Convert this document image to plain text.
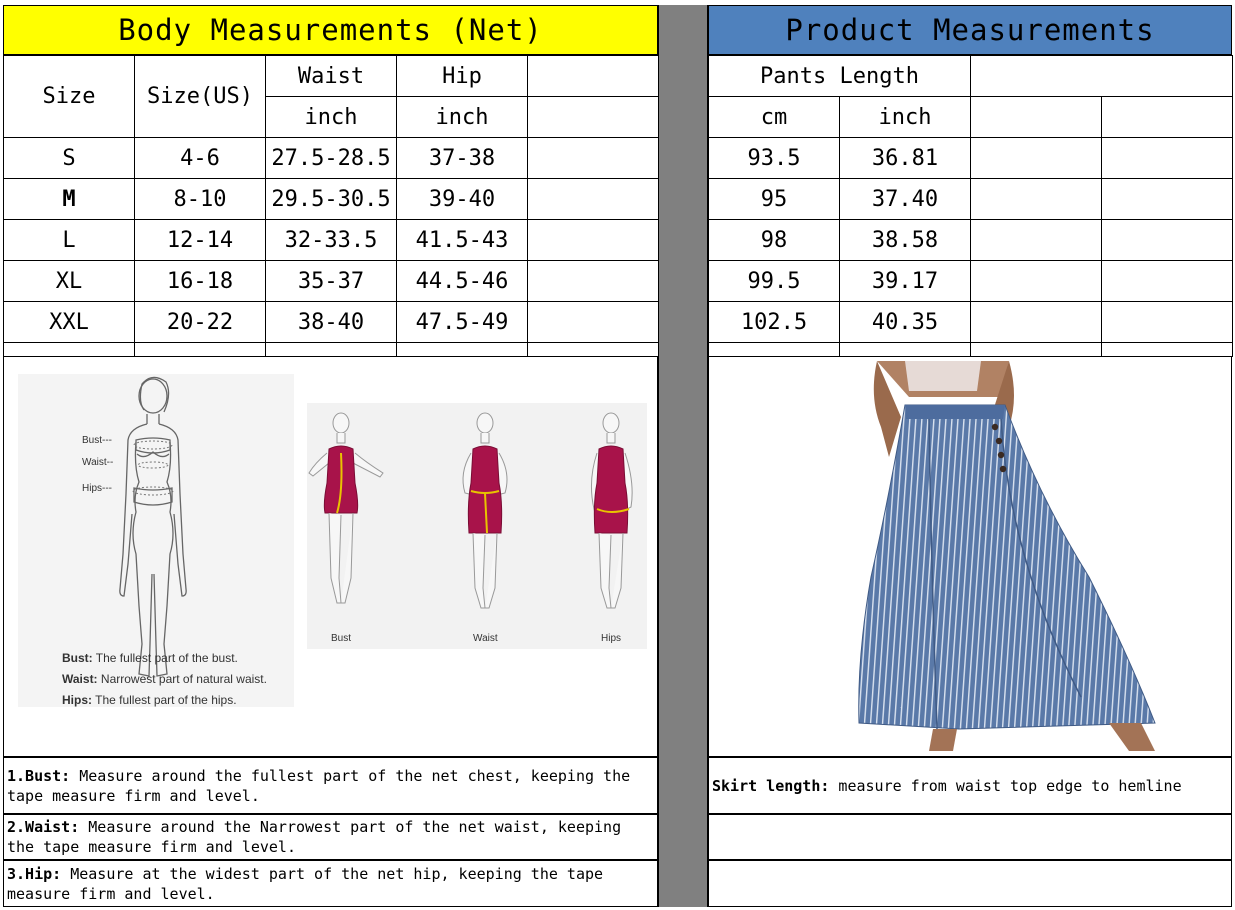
Body Measurements (Net)	Product Measurements
Size	Size(US)	Waist	Hip	
		inch	inch	
S	4-6	27.5-28.5	37-38	
M	8-10	29.5-30.5	39-40	
L	12-14	32-33.5	41.5-43	
XL	16-18	35-37	44.5-46	
XXL	20-22	38-40	47.5-49	

Pants Length			
cm	inch		
93.5	36.81		
95	37.40		
98	38.58		
99.5	39.17		
102.5	40.35		

Bust---
Waist--
Hips---
Bust: The fullest part of the bust.
Waist: Narrowest part of natural waist.
Hips: The fullest part of the hips.
Bust	Waist	Hips
1.Bust: Measure around the fullest part of the net chest, keeping the tape measure firm and level.
2.Waist: Measure around the Narrowest part of the net waist, keeping the tape measure firm and level.
3.Hip: Measure at the widest part of the net hip, keeping the tape measure firm and level.
Skirt length: measure from waist top edge to hemline
